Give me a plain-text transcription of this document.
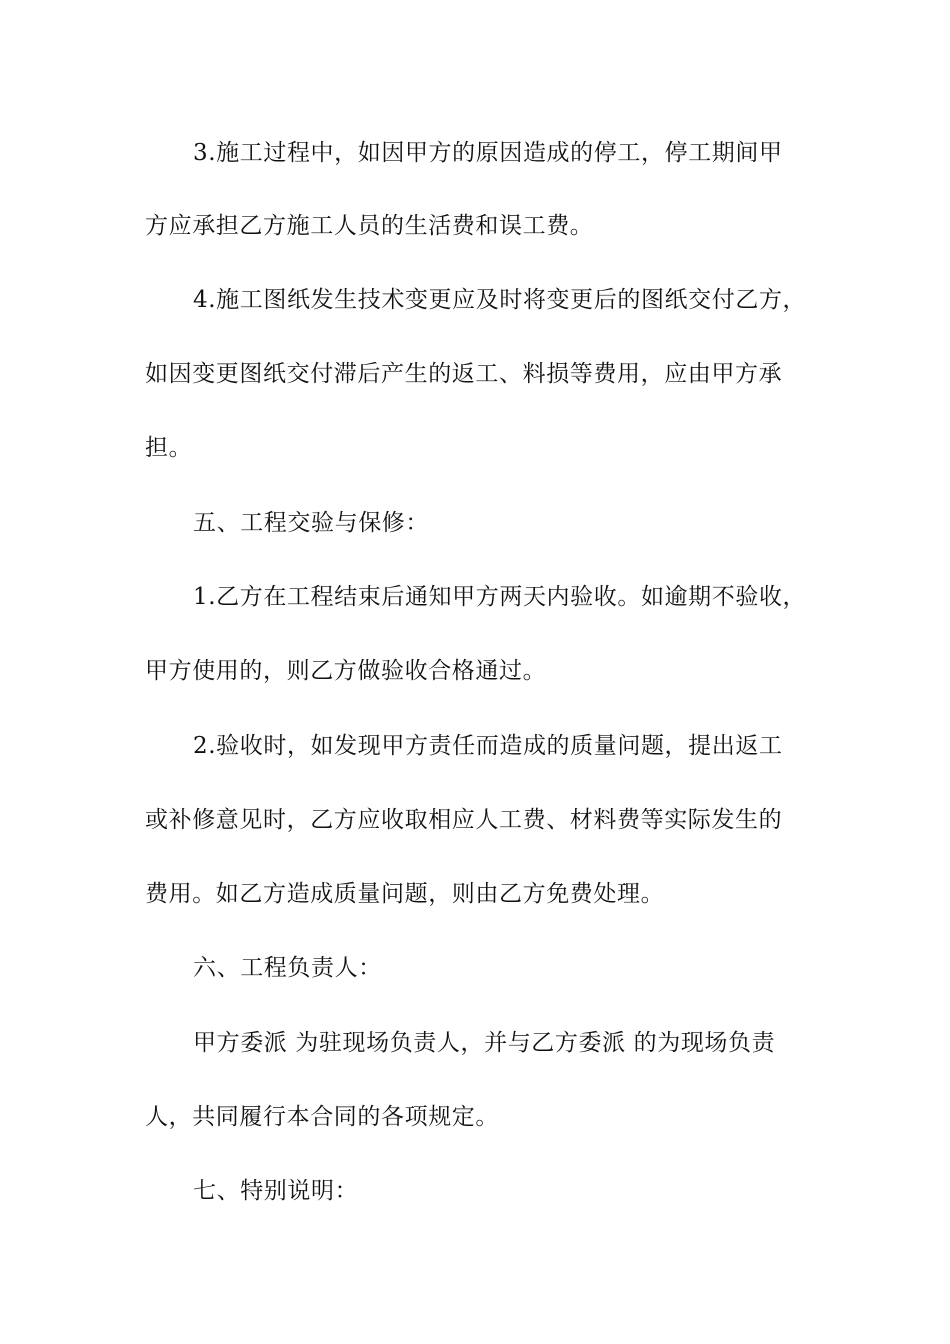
3.施工过程中，如因甲方的原因造成的停工，停工期间甲
方应承担乙方施工人员的生活费和误工费。
4.施工图纸发生技术变更应及时将变更后的图纸交付乙方，
如因变更图纸交付滞后产生的返工、料损等费用，应由甲方承
担。
五、工程交验与保修：
1.乙方在工程结束后通知甲方两天内验收。如逾期不验收，
甲方使用的，则乙方做验收合格通过。
2.验收时，如发现甲方责任而造成的质量问题，提出返工
或补修意见时，乙方应收取相应人工费、材料费等实际发生的
费用。如乙方造成质量问题，则由乙方免费处理。
六、工程负责人：
甲方委派 为驻现场负责人，并与乙方委派 的为现场负责
人，共同履行本合同的各项规定。
七、特别说明：
